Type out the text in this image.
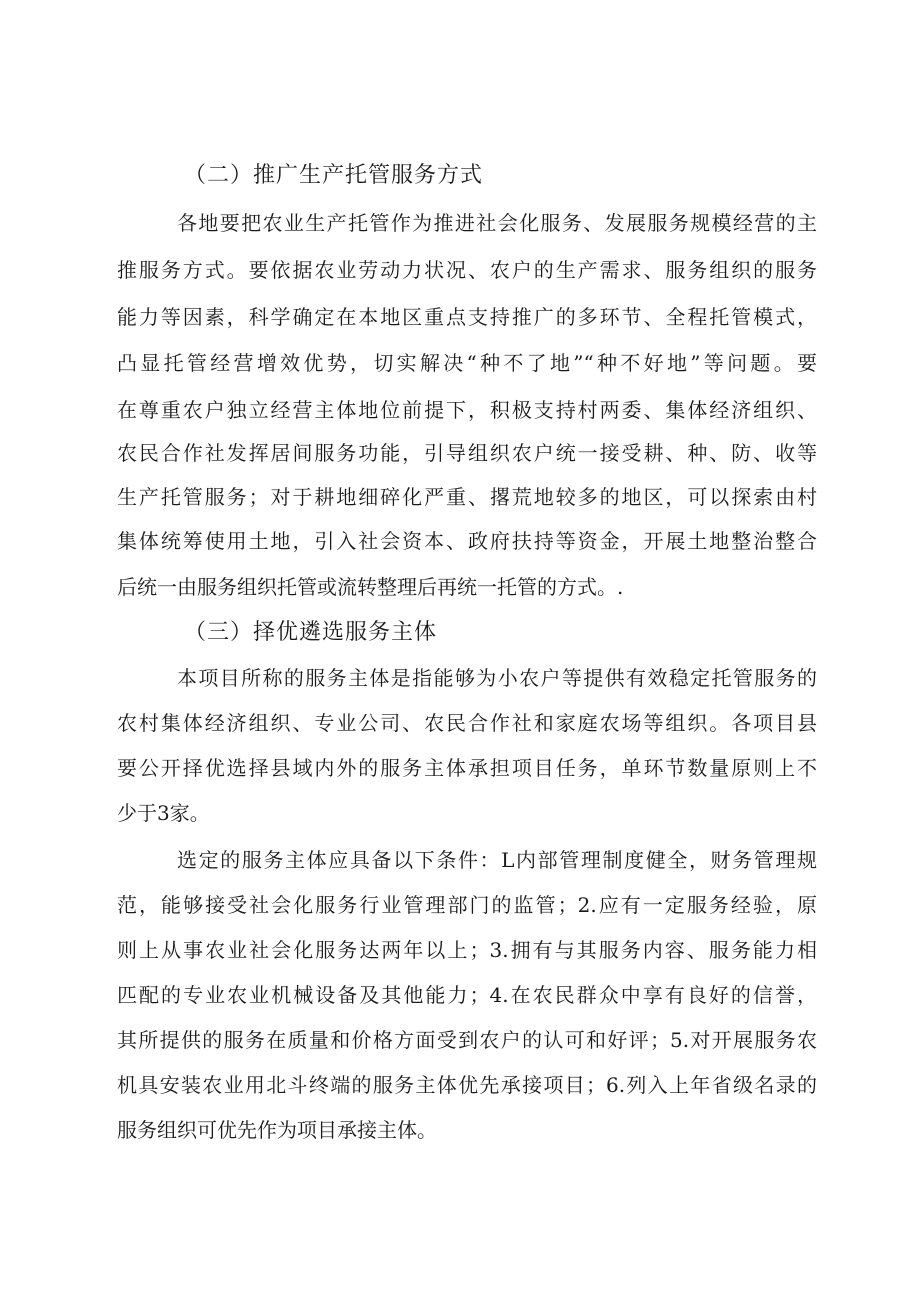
（二）推广生产托管服务方式

各地要把农业生产托管作为推进社会化服务、发展服务规模经营的主

推服务方式。要依据农业劳动力状况、农户的生产需求、服务组织的服务

能力等因素，科学确定在本地区重点支持推广的多环节、全程托管模式，

凸显托管经营增效优势，切实解决“种不了地”“种不好地”等问题。要

在尊重农户独立经营主体地位前提下，积极支持村两委、集体经济组织、

农民合作社发挥居间服务功能，引导组织农户统一接受耕、种、防、收等

生产托管服务；对于耕地细碎化严重、撂荒地较多的地区，可以探索由村

集体统筹使用土地，引入社会资本、政府扶持等资金，开展土地整治整合

后统一由服务组织托管或流转整理后再统一托管的方式。.

（三）择优遴选服务主体

本项目所称的服务主体是指能够为小农户等提供有效稳定托管服务的

农村集体经济组织、专业公司、农民合作社和家庭农场等组织。各项目县

要公开择优选择县域内外的服务主体承担项目任务，单环节数量原则上不

少于3家。

选定的服务主体应具备以下条件：L内部管理制度健全，财务管理规

范，能够接受社会化服务行业管理部门的监管；2.应有一定服务经验，原

则上从事农业社会化服务达两年以上；3.拥有与其服务内容、服务能力相

匹配的专业农业机械设备及其他能力；4.在农民群众中享有良好的信誉，

其所提供的服务在质量和价格方面受到农户的认可和好评；5.对开展服务农

机具安装农业用北斗终端的服务主体优先承接项目；6.列入上年省级名录的

服务组织可优先作为项目承接主体。
